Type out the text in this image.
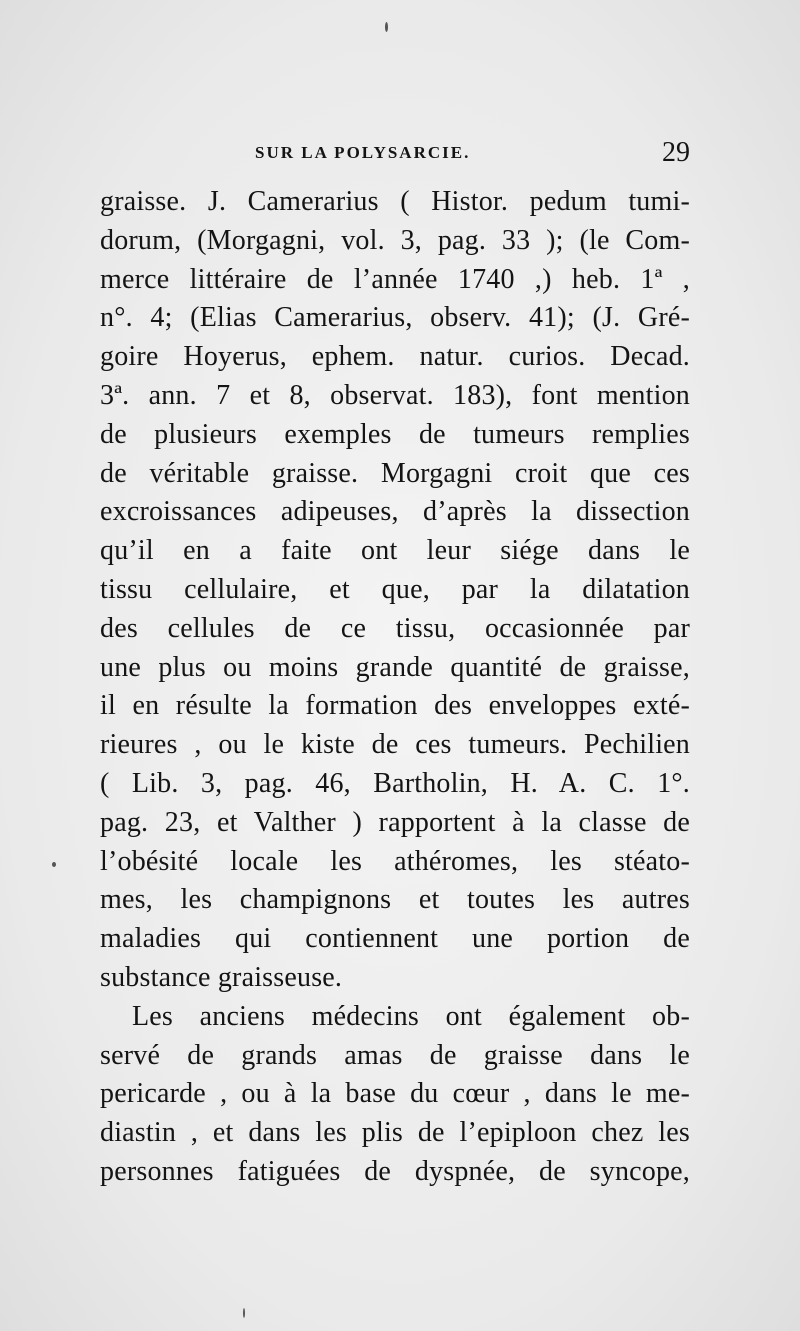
SUR LA POLYSARCIE.	29
graisse. J. Camerarius ( Histor. pedum tumi-
dorum, (Morgagni, vol. 3, pag. 33 ); (le Com-
merce littéraire de l’année 1740 ,) heb. 1ª ,
n°. 4; (Elias Camerarius, observ. 41); (J. Gré-
goire Hoyerus, ephem. natur. curios. Decad.
3ª. ann. 7 et 8, observat. 183), font mention
de plusieurs exemples de tumeurs remplies
de véritable graisse. Morgagni croit que ces
excroissances adipeuses, d’après la dissection
qu’il en a faite ont leur siége dans le
tissu cellulaire, et que, par la dilatation
des cellules de ce tissu, occasionnée par
une plus ou moins grande quantité de graisse,
il en résulte la formation des enveloppes exté-
rieures , ou le kiste de ces tumeurs. Pechilien
( Lib. 3, pag. 46, Bartholin, H. A. C. 1°.
pag. 23, et Valther ) rapportent à la classe de
l’obésité locale les athéromes, les stéato-
mes, les champignons et toutes les autres
maladies qui contiennent une portion de
substance graisseuse.
Les anciens médecins ont également ob-
servé de grands amas de graisse dans le
pericarde , ou à la base du cœur , dans le me-
diastin , et dans les plis de l’epiploon chez les
personnes fatiguées de dyspnée, de syncope,
